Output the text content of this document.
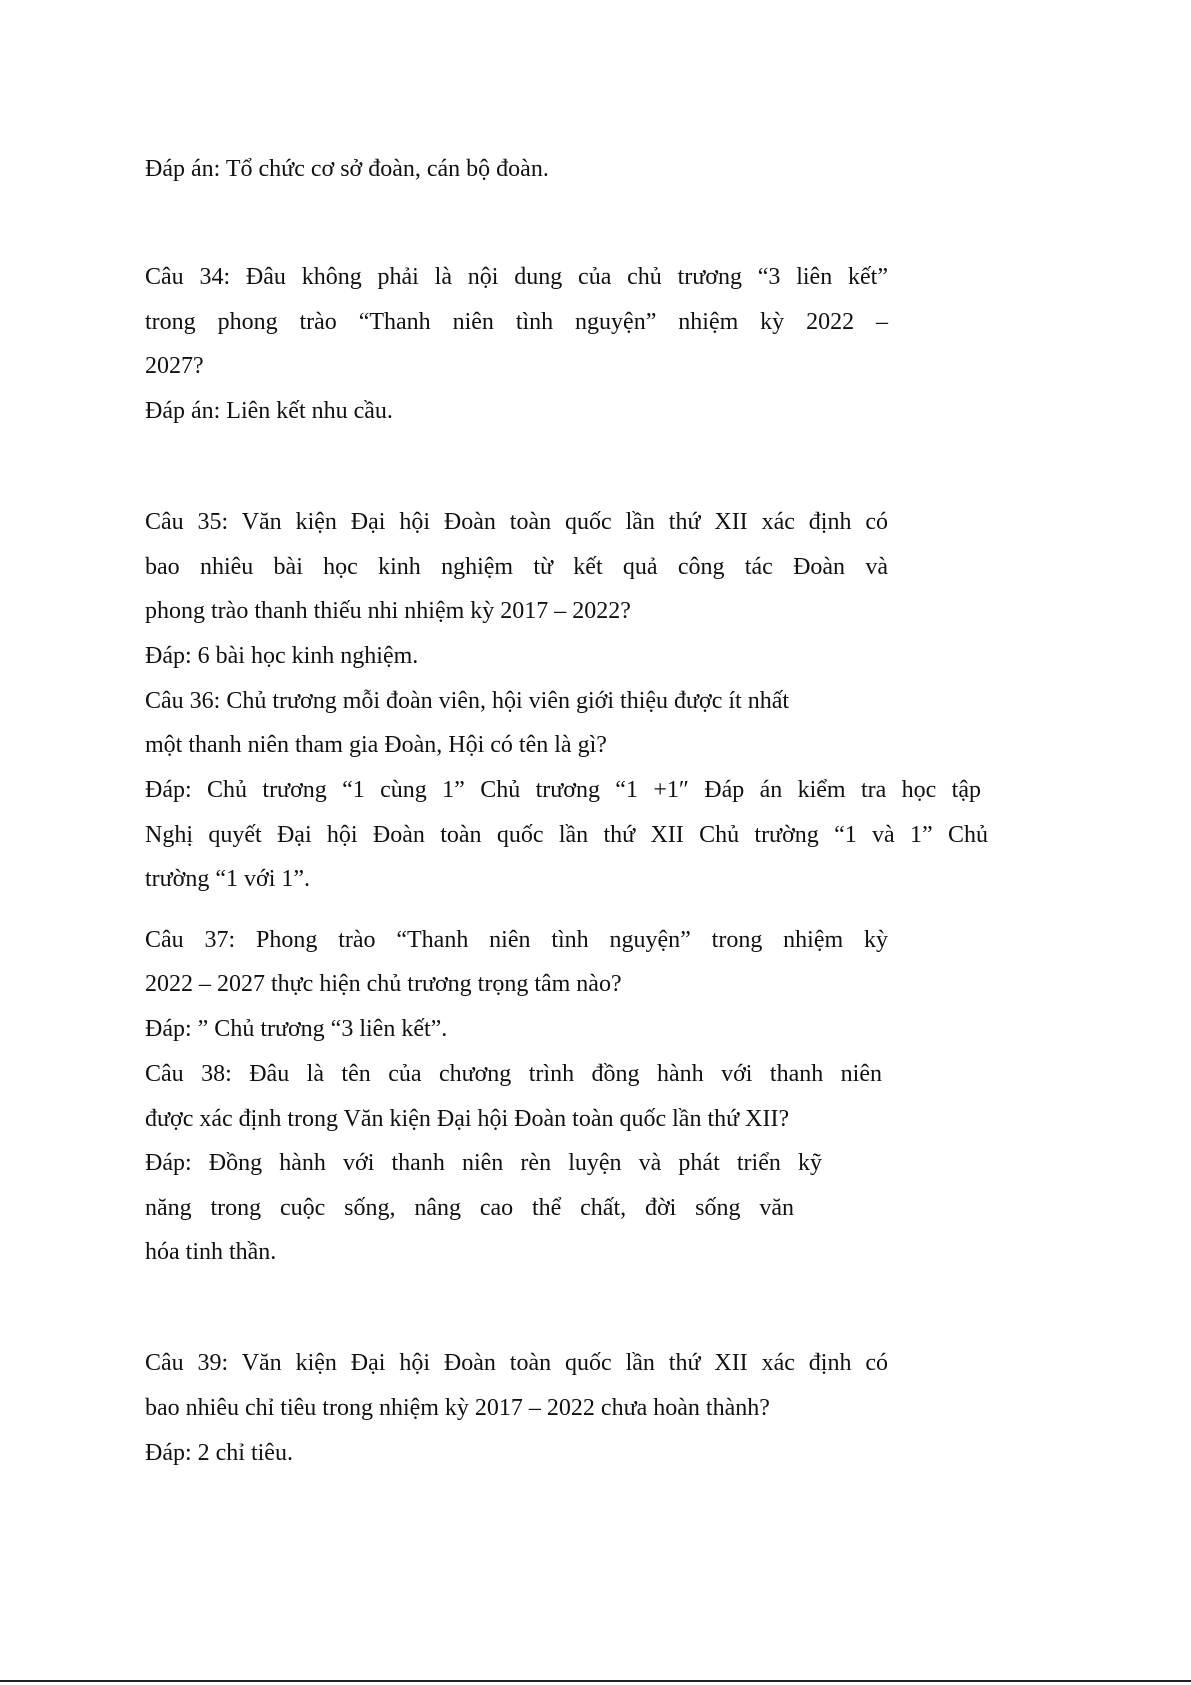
Đáp án: Tổ chức cơ sở đoàn, cán bộ đoàn.
Câu 34: Đâu không phải là nội dung của chủ trương “3 liên kết”
trong phong trào “Thanh niên tình nguyện” nhiệm kỳ 2022 –
2027?
Đáp án: Liên kết nhu cầu.
Câu 35: Văn kiện Đại hội Đoàn toàn quốc lần thứ XII xác định có
bao nhiêu bài học kinh nghiệm từ kết quả công tác Đoàn và
phong trào thanh thiếu nhi nhiệm kỳ 2017 – 2022?
Đáp: 6 bài học kinh nghiệm.
Câu 36: Chủ trương mỗi đoàn viên, hội viên giới thiệu được ít nhất
một thanh niên tham gia Đoàn, Hội có tên là gì?
Đáp: Chủ trương “1 cùng 1” Chủ trương “1 +1″ Đáp án kiểm tra học tập
Nghị quyết Đại hội Đoàn toàn quốc lần thứ XII Chủ trường “1 và 1” Chủ
trường “1 với 1”.
Câu 37: Phong trào “Thanh niên tình nguyện” trong nhiệm kỳ
2022 – 2027 thực hiện chủ trương trọng tâm nào?
Đáp: ” Chủ trương “3 liên kết”.
Câu 38: Đâu là tên của chương trình đồng hành với thanh niên
được xác định trong Văn kiện Đại hội Đoàn toàn quốc lần thứ XII?
Đáp: Đồng hành với thanh niên rèn luyện và phát triển kỹ
năng trong cuộc sống, nâng cao thể chất, đời sống văn
hóa tinh thần.
Câu 39: Văn kiện Đại hội Đoàn toàn quốc lần thứ XII xác định có
bao nhiêu chỉ tiêu trong nhiệm kỳ 2017 – 2022 chưa hoàn thành?
Đáp: 2 chỉ tiêu.
